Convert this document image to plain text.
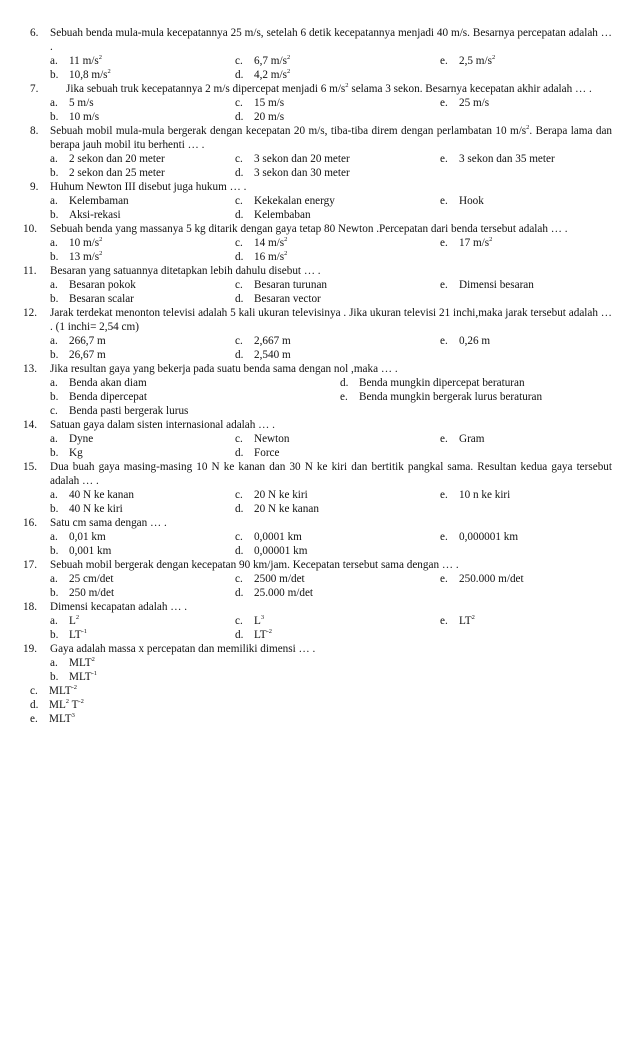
6. Sebuah benda mula-mula kecepatannya 25 m/s, setelah 6 detik kecepatannya menjadi 40 m/s. Besarnya percepatan adalah … .
a. 11 $m/s^2$	c. 6,7 $m/s^2$	e. 2,5 $m/s^2$
b. 10,8 $m/s^2$	d. 4,2 $m/s^2$
7. Jika sebuah truk kecepatannya 2 m/s dipercepat menjadi 6 $m/s^2$ selama 3 sekon. Besarnya kecepatan akhir adalah … .
a. 5 m/s	c. 15 m/s	e. 25 m/s
b. 10 m/s	d. 20 m/s
8. Sebuah mobil mula-mula bergerak dengan kecepatan 20 m/s, tiba-tiba direm dengan perlambatan 10 $m/s^2$. Berapa lama dan berapa jauh mobil itu berhenti … .
a. 2 sekon dan 20 meter	c. 3 sekon dan 20 meter	e. 3 sekon dan 35 meter
b. 2 sekon dan 25 meter	d. 3 sekon dan 30 meter
9. Huhum Newton III disebut juga hukum … .
a. Kelembaman	c. Kekekalan energy	e. Hook
b. Aksi-rekasi	d. Kelembaban
10. Sebuah benda yang massanya 5 kg ditarik dengan gaya tetap 80 Newton .Percepatan dari benda tersebut adalah … .
a. 10 $m/s^2$	c. 14 $m/s^2$	e. 17 $m/s^2$
b. 13 $m/s^2$	d. 16 $m/s^2$
11. Besaran yang satuannya ditetapkan lebih dahulu disebut … .
a. Besaran pokok	c. Besaran turunan	e. Dimensi besaran
b. Besaran scalar	d. Besaran vector
12. Jarak terdekat menonton televisi adalah 5 kali ukuran televisinya . Jika ukuran televisi 21 inchi,maka jarak tersebut adalah … . (1 inchi= 2,54 cm)
a. 266,7 m	c. 2,667 m	e. 0,26 m
b. 26,67 m	d. 2,540 m
13. Jika resultan gaya yang bekerja pada suatu benda sama dengan nol ,maka … .
a. Benda akan diam	d. Benda mungkin dipercepat beraturan
b. Benda dipercepat	e. Benda mungkin bergerak lurus beraturan
c. Benda pasti bergerak lurus
14. Satuan gaya dalam sisten internasional adalah … .
a. Dyne	c. Newton	e. Gram
b. Kg	d. Force
15. Dua buah gaya masing-masing 10 N ke kanan dan 30 N ke kiri dan bertitik pangkal sama. Resultan kedua gaya tersebut adalah … .
a. 40 N ke kanan	c. 20 N ke kiri	e. 10 n ke kiri
b. 40 N ke kiri	d. 20 N ke kanan
16. Satu cm sama dengan … .
a. 0,01 km	c. 0,0001 km	e. 0,000001 km
b. 0,001 km	d. 0,00001 km
17. Sebuah mobil bergerak dengan kecepatan 90 km/jam. Kecepatan tersebut sama dengan … .
a. 25 cm/det	c. 2500 m/det	e. 250.000 m/det
b. 250 m/det	d. 25.000 m/det
18. Dimensi kecapatan adalah … .
a. $L^2$	c. $L^3$	e. $LT^2$
b. $LT^{-1}$	d. $LT^{-2}$
19. Gaya adalah massa x percepatan dan memiliki dimensi … .
a. MLT$^2$
b. $MLT^{-1}$
c. $MLT^{-2}$
d. $ML^2$ $T^{-2}$
e. MLT$^3$
